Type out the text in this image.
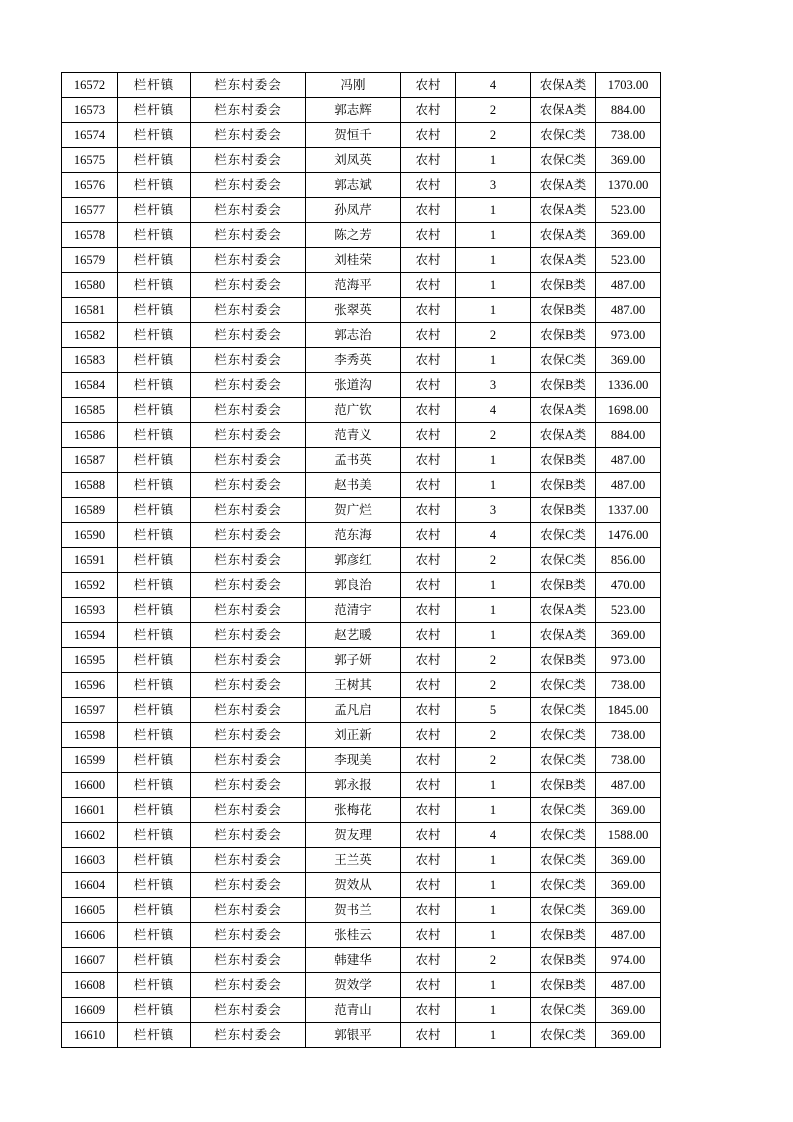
16572	栏杆镇	栏东村委会	冯刚	农村	4	农保A类	1703.00
16573	栏杆镇	栏东村委会	郭志辉	农村	2	农保A类	884.00
16574	栏杆镇	栏东村委会	贺恒千	农村	2	农保C类	738.00
16575	栏杆镇	栏东村委会	刘凤英	农村	1	农保C类	369.00
16576	栏杆镇	栏东村委会	郭志斌	农村	3	农保A类	1370.00
16577	栏杆镇	栏东村委会	孙凤芹	农村	1	农保A类	523.00
16578	栏杆镇	栏东村委会	陈之芳	农村	1	农保A类	369.00
16579	栏杆镇	栏东村委会	刘桂荣	农村	1	农保A类	523.00
16580	栏杆镇	栏东村委会	范海平	农村	1	农保B类	487.00
16581	栏杆镇	栏东村委会	张翠英	农村	1	农保B类	487.00
16582	栏杆镇	栏东村委会	郭志治	农村	2	农保B类	973.00
16583	栏杆镇	栏东村委会	李秀英	农村	1	农保C类	369.00
16584	栏杆镇	栏东村委会	张道沟	农村	3	农保B类	1336.00
16585	栏杆镇	栏东村委会	范广钦	农村	4	农保A类	1698.00
16586	栏杆镇	栏东村委会	范青义	农村	2	农保A类	884.00
16587	栏杆镇	栏东村委会	孟书英	农村	1	农保B类	487.00
16588	栏杆镇	栏东村委会	赵书美	农村	1	农保B类	487.00
16589	栏杆镇	栏东村委会	贺广烂	农村	3	农保B类	1337.00
16590	栏杆镇	栏东村委会	范东海	农村	4	农保C类	1476.00
16591	栏杆镇	栏东村委会	郭彦红	农村	2	农保C类	856.00
16592	栏杆镇	栏东村委会	郭良治	农村	1	农保B类	470.00
16593	栏杆镇	栏东村委会	范清宇	农村	1	农保A类	523.00
16594	栏杆镇	栏东村委会	赵艺暖	农村	1	农保A类	369.00
16595	栏杆镇	栏东村委会	郭子妍	农村	2	农保B类	973.00
16596	栏杆镇	栏东村委会	王树其	农村	2	农保C类	738.00
16597	栏杆镇	栏东村委会	孟凡启	农村	5	农保C类	1845.00
16598	栏杆镇	栏东村委会	刘正新	农村	2	农保C类	738.00
16599	栏杆镇	栏东村委会	李现美	农村	2	农保C类	738.00
16600	栏杆镇	栏东村委会	郭永报	农村	1	农保B类	487.00
16601	栏杆镇	栏东村委会	张梅花	农村	1	农保C类	369.00
16602	栏杆镇	栏东村委会	贺友理	农村	4	农保C类	1588.00
16603	栏杆镇	栏东村委会	王兰英	农村	1	农保C类	369.00
16604	栏杆镇	栏东村委会	贺效从	农村	1	农保C类	369.00
16605	栏杆镇	栏东村委会	贺书兰	农村	1	农保C类	369.00
16606	栏杆镇	栏东村委会	张桂云	农村	1	农保B类	487.00
16607	栏杆镇	栏东村委会	韩建华	农村	2	农保B类	974.00
16608	栏杆镇	栏东村委会	贺效学	农村	1	农保B类	487.00
16609	栏杆镇	栏东村委会	范青山	农村	1	农保C类	369.00
16610	栏杆镇	栏东村委会	郭银平	农村	1	农保C类	369.00
